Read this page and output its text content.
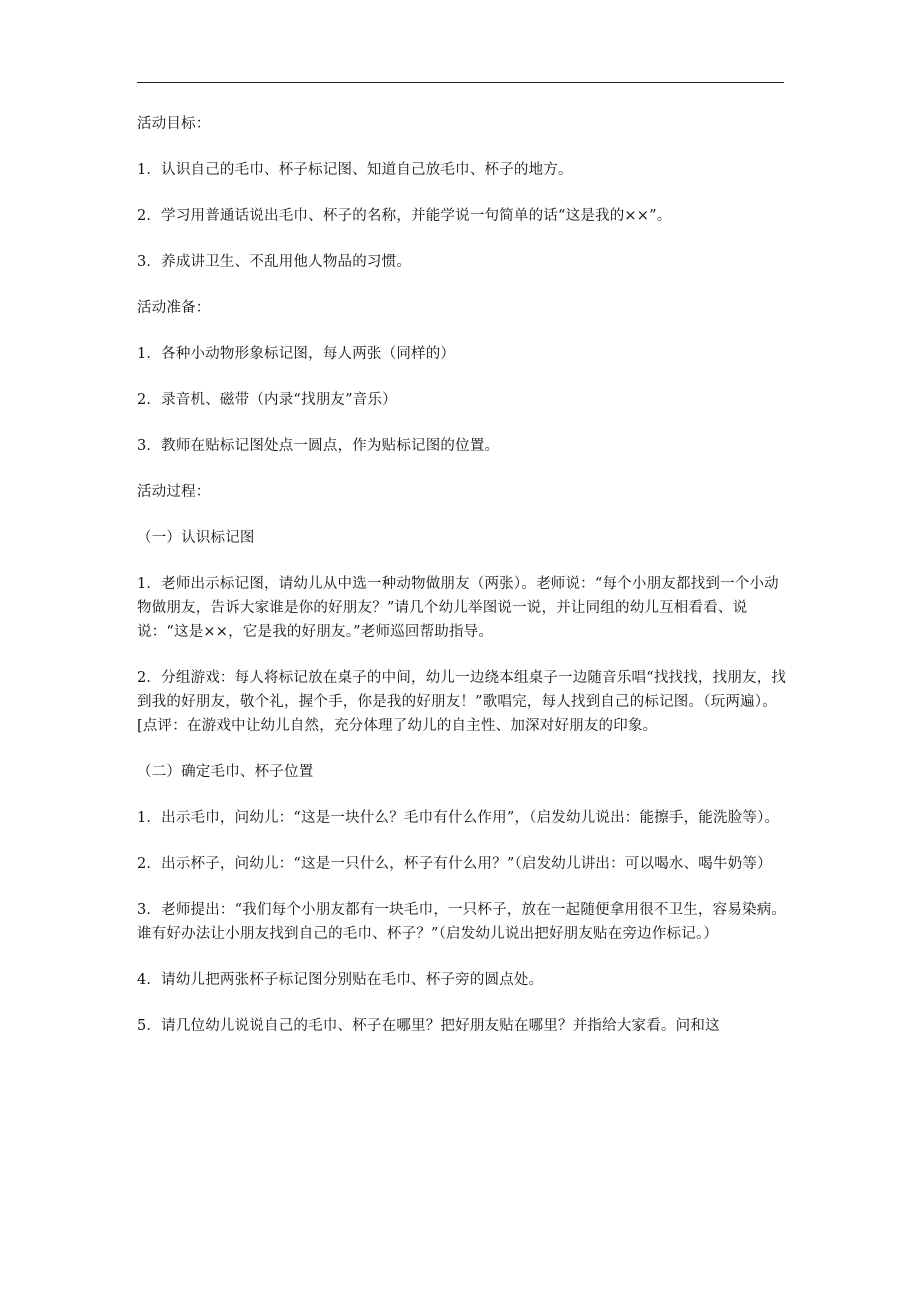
活动目标：

1．认识自己的毛巾、杯子标记图、知道自己放毛巾、杯子的地方。

2．学习用普通话说出毛巾、杯子的名称，并能学说一句简单的话“这是我的××”。

3．养成讲卫生、不乱用他人物品的习惯。

活动准备：

1．各种小动物形象标记图，每人两张（同样的）

2．录音机、磁带（内录“找朋友”音乐）

3．教师在贴标记图处点一圆点，作为贴标记图的位置。

活动过程：

（一）认识标记图

1．老师出示标记图，请幼儿从中选一种动物做朋友（两张）。老师说：“每个小朋友都找到一个小动物做朋友，告诉大家谁是你的好朋友？”请几个幼儿举图说一说，并让同组的幼儿互相看看、说说：“这是××，它是我的好朋友。”老师巡回帮助指导。

2．分组游戏：每人将标记放在桌子的中间，幼儿一边绕本组桌子一边随音乐唱“找找找，找朋友，找到我的好朋友，敬个礼，握个手，你是我的好朋友！”歌唱完，每人找到自己的标记图。（玩两遍）。[点评：在游戏中让幼儿自然，充分体理了幼儿的自主性、加深对好朋友的印象。

（二）确定毛巾、杯子位置

1．出示毛巾，问幼儿：“这是一块什么？毛巾有什么作用”，（启发幼儿说出：能擦手，能洗脸等）。

2．出示杯子，问幼儿：“这是一只什么，杯子有什么用？”（启发幼儿讲出：可以喝水、喝牛奶等）

3．老师提出：“我们每个小朋友都有一块毛巾，一只杯子，放在一起随便拿用很不卫生，容易染病。谁有好办法让小朋友找到自己的毛巾、杯子？”（启发幼儿说出把好朋友贴在旁边作标记。）

4．请幼儿把两张杯子标记图分别贴在毛巾、杯子旁的圆点处。

5．请几位幼儿说说自己的毛巾、杯子在哪里？把好朋友贴在哪里？并指给大家看。问和这
